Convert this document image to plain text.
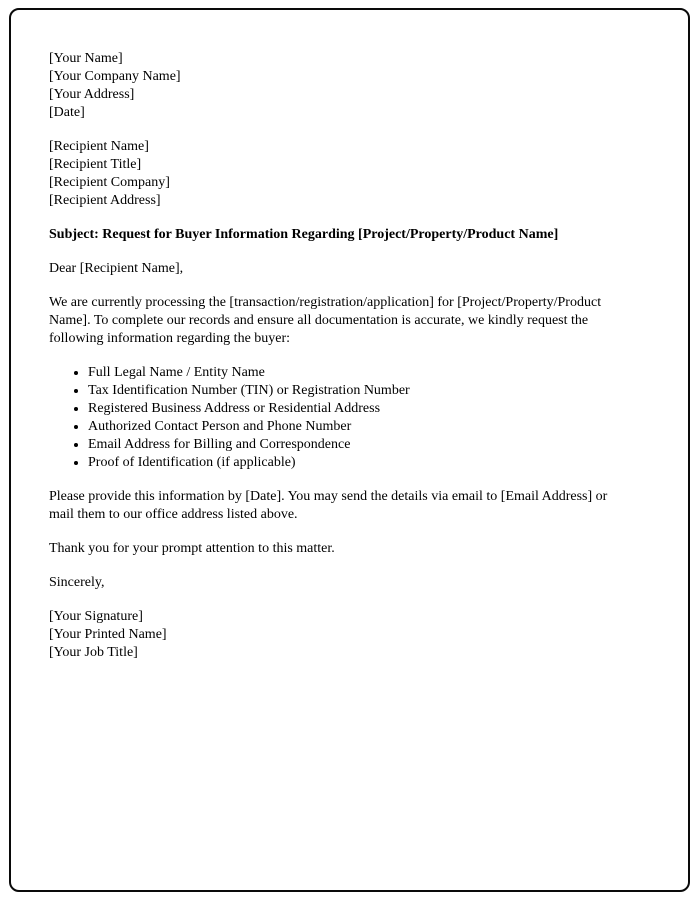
[Your Name]
[Your Company Name]
[Your Address]
[Date]
[Recipient Name]
[Recipient Title]
[Recipient Company]
[Recipient Address]
Subject: Request for Buyer Information Regarding [Project/Property/Product Name]
Dear [Recipient Name],
We are currently processing the [transaction/registration/application] for [Project/Property/Product Name]. To complete our records and ensure all documentation is accurate, we kindly request the following information regarding the buyer:
• Full Legal Name / Entity Name
• Tax Identification Number (TIN) or Registration Number
• Registered Business Address or Residential Address
• Authorized Contact Person and Phone Number
• Email Address for Billing and Correspondence
• Proof of Identification (if applicable)
Please provide this information by [Date]. You may send the details via email to [Email Address] or mail them to our office address listed above.
Thank you for your prompt attention to this matter.
Sincerely,
[Your Signature]
[Your Printed Name]
[Your Job Title]
